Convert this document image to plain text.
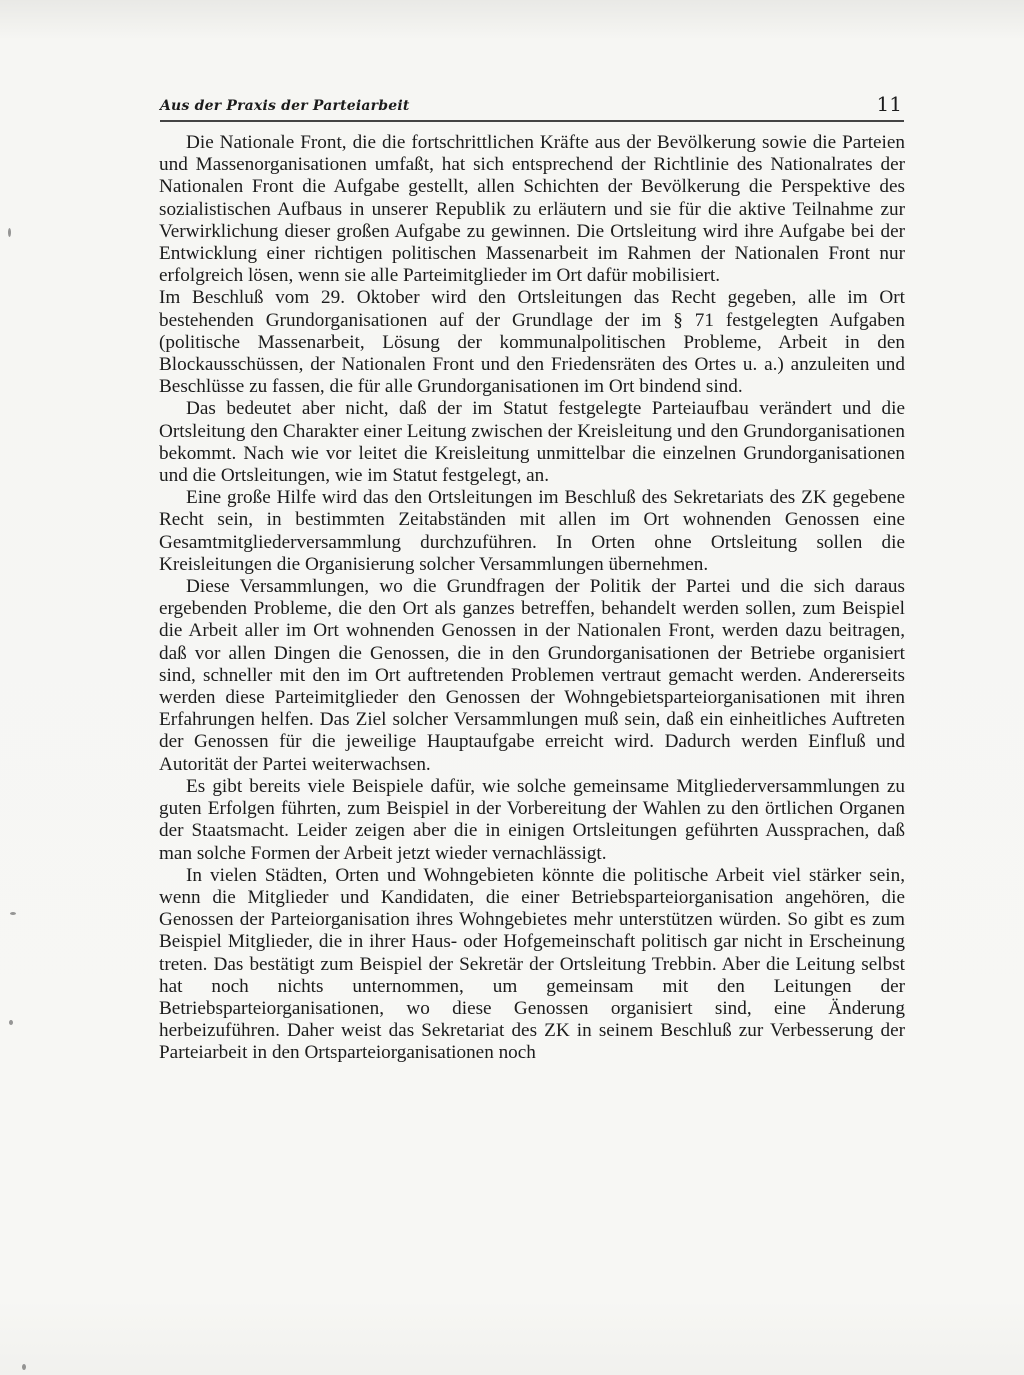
Aus der Praxis der Parteiarbeit	11

Die Nationale Front, die die fortschrittlichen Kräfte aus der Bevölkerung sowie die Parteien und Massenorganisationen umfaßt, hat sich entsprechend der Richtlinie des Nationalrates der Nationalen Front die Aufgabe gestellt, allen Schichten der Bevölkerung die Perspektive des sozialistischen Aufbaus in unserer Republik zu erläutern und sie für die aktive Teilnahme zur Verwirklichung dieser großen Aufgabe zu gewinnen. Die Ortsleitung wird ihre Aufgabe bei der Entwicklung einer richtigen politischen Massenarbeit im Rahmen der Nationalen Front nur erfolgreich lösen, wenn sie alle Parteimitglieder im Ort dafür mobilisiert.

Im Beschluß vom 29. Oktober wird den Ortsleitungen das Recht gegeben, alle im Ort bestehenden Grundorganisationen auf der Grundlage der im § 71 festgelegten Aufgaben (politische Massenarbeit, Lösung der kommunalpolitischen Probleme, Arbeit in den Blockausschüssen, der Nationalen Front und den Friedensräten des Ortes u. a.) anzuleiten und Beschlüsse zu fassen, die für alle Grundorganisationen im Ort bindend sind.

Das bedeutet aber nicht, daß der im Statut festgelegte Parteiaufbau verändert und die Ortsleitung den Charakter einer Leitung zwischen der Kreisleitung und den Grundorganisationen bekommt. Nach wie vor leitet die Kreisleitung unmittelbar die einzelnen Grundorganisationen und die Ortsleitungen, wie im Statut festgelegt, an.

Eine große Hilfe wird das den Ortsleitungen im Beschluß des Sekretariats des ZK gegebene Recht sein, in bestimmten Zeitabständen mit allen im Ort wohnenden Genossen eine Gesamtmitgliederversammlung durchzuführen. In Orten ohne Ortsleitung sollen die Kreisleitungen die Organisierung solcher Versammlungen übernehmen.

Diese Versammlungen, wo die Grundfragen der Politik der Partei und die sich daraus ergebenden Probleme, die den Ort als ganzes betreffen, behandelt werden sollen, zum Beispiel die Arbeit aller im Ort wohnenden Genossen in der Nationalen Front, werden dazu beitragen, daß vor allen Dingen die Genossen, die in den Grundorganisationen der Betriebe organisiert sind, schneller mit den im Ort auftretenden Problemen vertraut gemacht werden. Andererseits werden diese Parteimitglieder den Genossen der Wohngebietsparteiorganisationen mit ihren Erfahrungen helfen. Das Ziel solcher Versammlungen muß sein, daß ein einheitliches Auftreten der Genossen für die jeweilige Hauptaufgabe erreicht wird. Dadurch werden Einfluß und Autorität der Partei weiterwachsen.

Es gibt bereits viele Beispiele dafür, wie solche gemeinsame Mitgliederversammlungen zu guten Erfolgen führten, zum Beispiel in der Vorbereitung der Wahlen zu den örtlichen Organen der Staatsmacht. Leider zeigen aber die in einigen Ortsleitungen geführten Aussprachen, daß man solche Formen der Arbeit jetzt wieder vernachlässigt.

In vielen Städten, Orten und Wohngebieten könnte die politische Arbeit viel stärker sein, wenn die Mitglieder und Kandidaten, die einer Betriebsparteiorganisation angehören, die Genossen der Parteiorganisation ihres Wohngebietes mehr unterstützen würden. So gibt es zum Beispiel Mitglieder, die in ihrer Haus- oder Hofgemeinschaft politisch gar nicht in Erscheinung treten. Das bestätigt zum Beispiel der Sekretär der Ortsleitung Trebbin. Aber die Leitung selbst hat noch nichts unternommen, um gemeinsam mit den Leitungen der Betriebsparteiorganisationen, wo diese Genossen organisiert sind, eine Änderung herbeizuführen. Daher weist das Sekretariat des ZK in seinem Beschluß zur Verbesserung der Parteiarbeit in den Ortsparteiorganisationen noch
